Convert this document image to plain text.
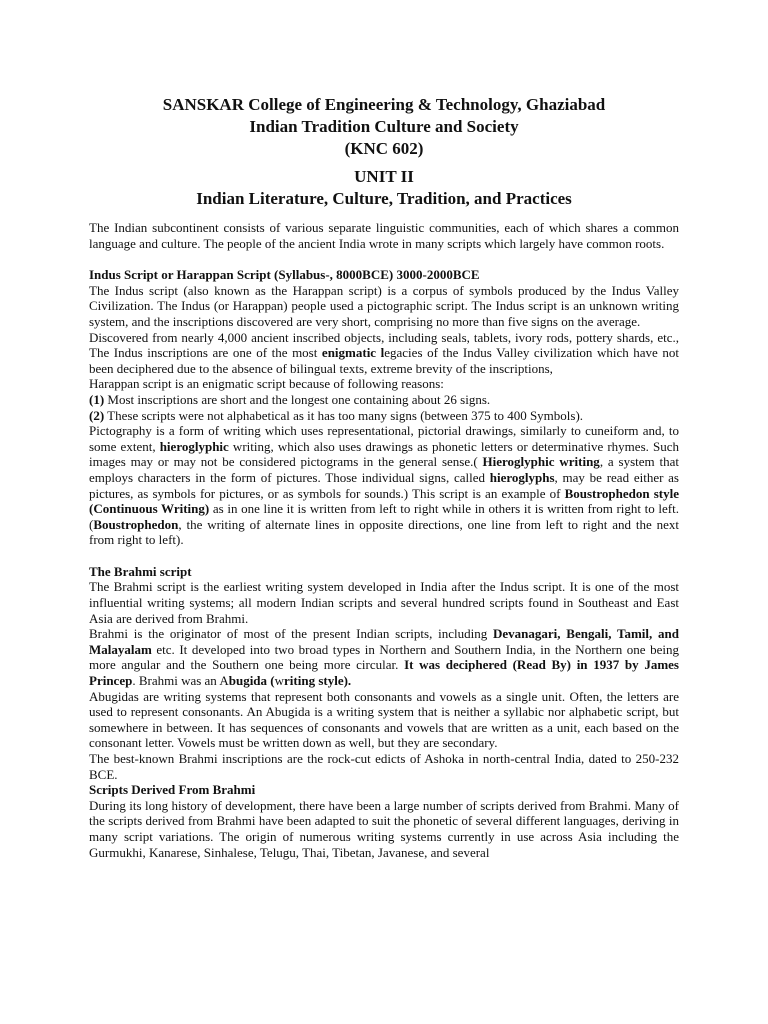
SANSKAR College of Engineering & Technology, Ghaziabad
Indian Tradition Culture and Society
(KNC 602)
UNIT II
Indian Literature, Culture, Tradition, and Practices

The Indian subcontinent consists of various separate linguistic communities, each of which shares a common language and culture. The people of the ancient India wrote in many scripts which largely have common roots.

Indus Script or Harappan Script (Syllabus-, 8000BCE) 3000-2000BCE

The Indus script (also known as the Harappan script) is a corpus of symbols produced by the Indus Valley Civilization. The Indus (or Harappan) people used a pictographic script. The Indus script is an unknown writing system, and the inscriptions discovered are very short, comprising no more than five signs on the average.

Discovered from nearly 4,000 ancient inscribed objects, including seals, tablets, ivory rods, pottery shards, etc., The Indus inscriptions are one of the most enigmatic legacies of the Indus Valley civilization which have not been deciphered due to the absence of bilingual texts, extreme brevity of the inscriptions,

Harappan script is an enigmatic script because of following reasons:

(1) Most inscriptions are short and the longest one containing about 26 signs.

(2) These scripts were not alphabetical as it has too many signs (between 375 to 400 Symbols).

Pictography is a form of writing which uses representational, pictorial drawings, similarly to cuneiform and, to some extent, hieroglyphic writing, which also uses drawings as phonetic letters or determinative rhymes. Such images may or may not be considered pictograms in the general sense.( Hieroglyphic writing, a system that employs characters in the form of pictures. Those individual signs, called hieroglyphs, may be read either as pictures, as symbols for pictures, or as symbols for sounds.) This script is an example of Boustrophedon style (Continuous Writing) as in one line it is written from left to right while in others it is written from right to left. (Boustrophedon, the writing of alternate lines in opposite directions, one line from left to right and the next from right to left).

The Brahmi script

The Brahmi script is the earliest writing system developed in India after the Indus script. It is one of the most influential writing systems; all modern Indian scripts and several hundred scripts found in Southeast and East Asia are derived from Brahmi.

Brahmi is the originator of most of the present Indian scripts, including Devanagari, Bengali, Tamil, and Malayalam etc. It developed into two broad types in Northern and Southern India, in the Northern one being more angular and the Southern one being more circular. It was deciphered (Read By) in 1937 by James Princep. Brahmi was an Abugida (writing style).

Abugidas are writing systems that represent both consonants and vowels as a single unit. Often, the letters are used to represent consonants. An Abugida is a writing system that is neither a syllabic nor alphabetic script, but somewhere in between. It has sequences of consonants and vowels that are written as a unit, each based on the consonant letter. Vowels must be written down as well, but they are secondary.

The best-known Brahmi inscriptions are the rock-cut edicts of Ashoka in north-central India, dated to 250-232 BCE.

Scripts Derived From Brahmi

During its long history of development, there have been a large number of scripts derived from Brahmi. Many of the scripts derived from Brahmi have been adapted to suit the phonetic of several different languages, deriving in many script variations. The origin of numerous writing systems currently in use across Asia including the Gurmukhi, Kanarese, Sinhalese, Telugu, Thai, Tibetan, Javanese, and several
